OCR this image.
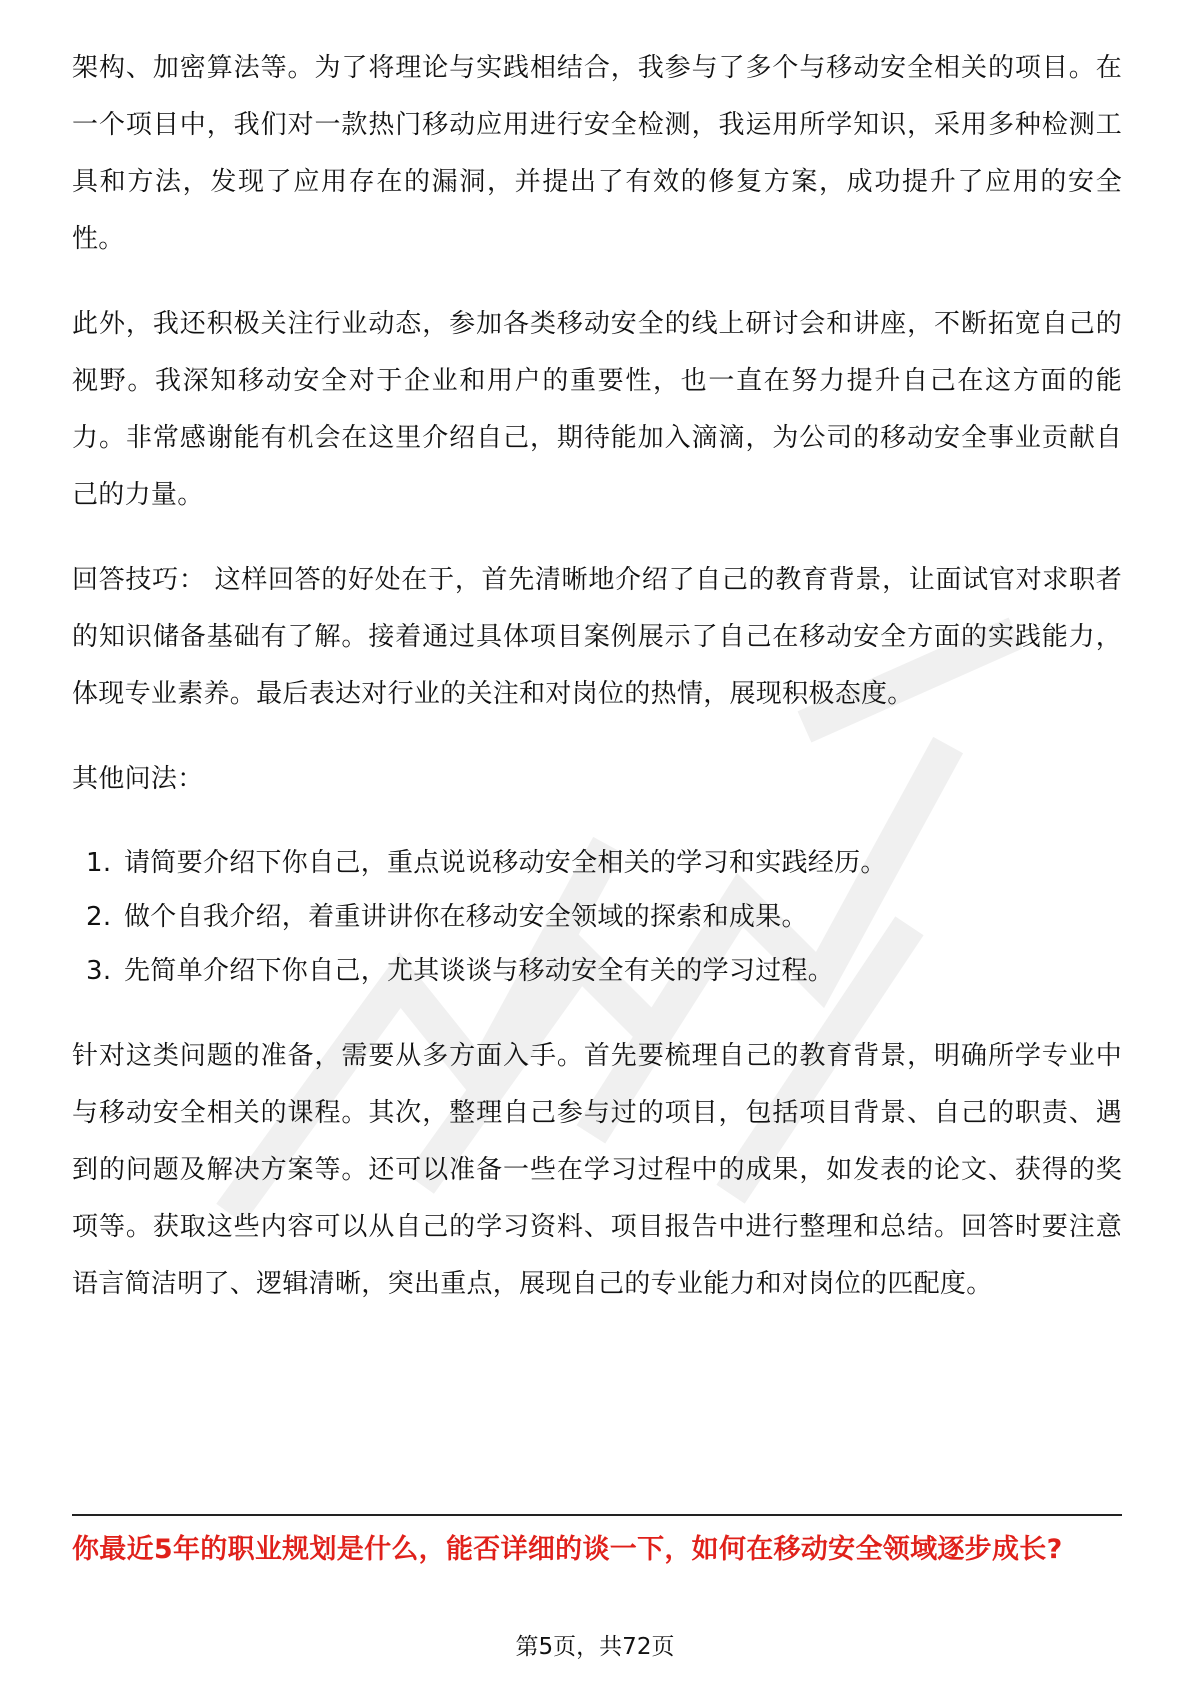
架构、加密算法等。为了将理论与实践相结合，我参与了多个与移动安全相关的项目。在一个项目中，我们对一款热门移动应用进行安全检测，我运用所学知识，采用多种检测工具和方法，发现了应用存在的漏洞，并提出了有效的修复方案，成功提升了应用的安全性。

此外，我还积极关注行业动态，参加各类移动安全的线上研讨会和讲座，不断拓宽自己的视野。我深知移动安全对于企业和用户的重要性，也一直在努力提升自己在这方面的能力。非常感谢能有机会在这里介绍自己，期待能加入滴滴，为公司的移动安全事业贡献自己的力量。

回答技巧： 这样回答的好处在于，首先清晰地介绍了自己的教育背景，让面试官对求职者的知识储备基础有了解。接着通过具体项目案例展示了自己在移动安全方面的实践能力，体现专业素养。最后表达对行业的关注和对岗位的热情，展现积极态度。

其他问法：

1. 请简要介绍下你自己，重点说说移动安全相关的学习和实践经历。
2. 做个自我介绍，着重讲讲你在移动安全领域的探索和成果。
3. 先简单介绍下你自己，尤其谈谈与移动安全有关的学习过程。

针对这类问题的准备，需要从多方面入手。首先要梳理自己的教育背景，明确所学专业中与移动安全相关的课程。其次，整理自己参与过的项目，包括项目背景、自己的职责、遇到的问题及解决方案等。还可以准备一些在学习过程中的成果，如发表的论文、获得的奖项等。获取这些内容可以从自己的学习资料、项目报告中进行整理和总结。回答时要注意语言简洁明了、逻辑清晰，突出重点，展现自己的专业能力和对岗位的匹配度。

你最近5年的职业规划是什么，能否详细的谈一下，如何在移动安全领域逐步成长?
第5页，共72页
